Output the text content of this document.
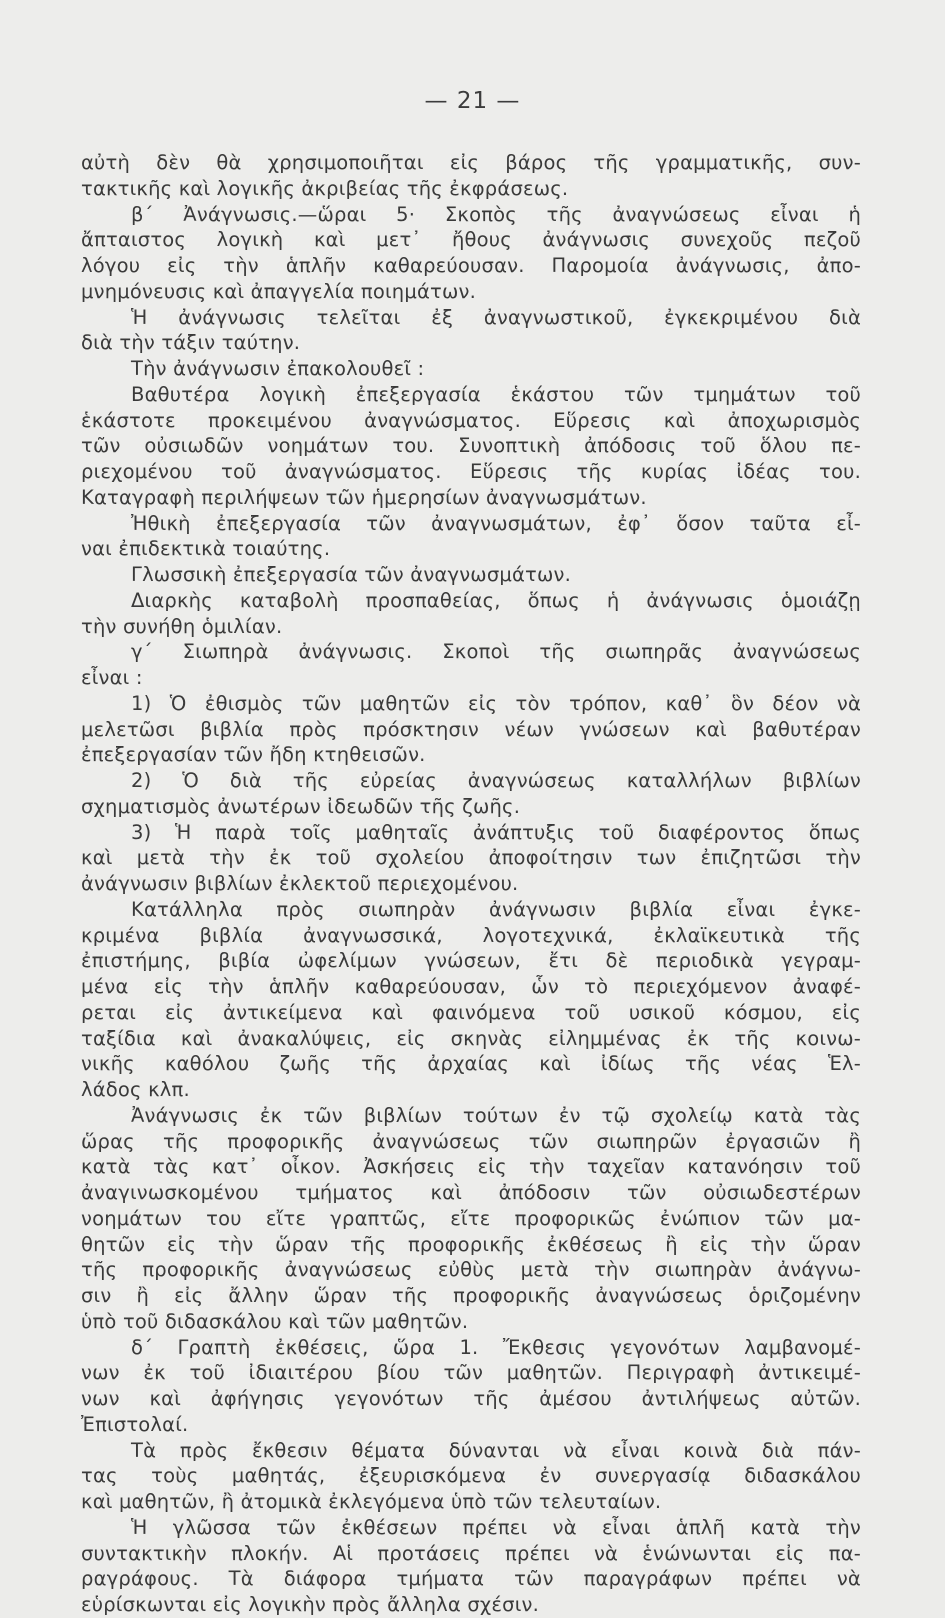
— 21 —
αὐτὴ δὲν θὰ χρησιμοποιῆται εἰς βάρος τῆς γραμματικῆς, συν-
τακτικῆς καὶ λογικῆς ἀκριβείας τῆς ἐκφράσεως.
β΄ Ἀνάγνωσις.—ὥραι 5· Σκοπὸς τῆς ἀναγνώσεως εἶναι ἡ
ἄπταιστος λογικὴ καὶ μετ᾿ ἤθους ἀνάγνωσις συνεχοῦς πεζοῦ
λόγου εἰς τὴν ἁπλῆν καθαρεύουσαν. Παρομοία ἀνάγνωσις, ἀπο-
μνημόνευσις καὶ ἀπαγγελία ποιημάτων.
Ἡ ἀνάγνωσις τελεῖται ἐξ ἀναγνωστικοῦ, ἐγκεκριμένου διὰ
διὰ τὴν τάξιν ταύτην.
Τὴν ἀνάγνωσιν ἐπακολουθεῖ :
Βαθυτέρα λογικὴ ἐπεξεργασία ἑκάστου τῶν τμημάτων τοῦ
ἑκάστοτε προκειμένου ἀναγνώσματος. Εὕρεσις καὶ ἀποχωρισμὸς
τῶν οὐσιωδῶν νοημάτων του. Συνοπτικὴ ἀπόδοσις τοῦ ὅλου πε-
ριεχομένου τοῦ ἀναγνώσματος. Εὕρεσις τῆς κυρίας ἰδέας του.
Καταγραφὴ περιλήψεων τῶν ἡμερησίων ἀναγνωσμάτων.
Ἠθικὴ ἐπεξεργασία τῶν ἀναγνωσμάτων, ἐφ᾿ ὅσον ταῦτα εἶ-
ναι ἐπιδεκτικὰ τοιαύτης.
Γλωσσικὴ ἐπεξεργασία τῶν ἀναγνωσμάτων.
Διαρκὴς καταβολὴ προσπαθείας, ὅπως ἡ ἀνάγνωσις ὁμοιάζῃ
τὴν συνήθη ὁμιλίαν.
γ΄ Σιωπηρὰ ἀνάγνωσις. Σκοποὶ τῆς σιωπηρᾶς ἀναγνώσεως
εἶναι :
1) Ὁ ἐθισμὸς τῶν μαθητῶν εἰς τὸν τρόπον, καθ᾿ ὃν δέον νὰ
μελετῶσι βιβλία πρὸς πρόσκτησιν νέων γνώσεων καὶ βαθυτέραν
ἐπεξεργασίαν τῶν ἤδη κτηθεισῶν.
2) Ὁ διὰ τῆς εὐρείας ἀναγνώσεως καταλλήλων βιβλίων
σχηματισμὸς ἀνωτέρων ἰδεωδῶν τῆς ζωῆς.
3) Ἡ παρὰ τοῖς μαθηταῖς ἀνάπτυξις τοῦ διαφέροντος ὅπως
καὶ μετὰ τὴν ἐκ τοῦ σχολείου ἀποφοίτησιν των ἐπιζητῶσι τὴν
ἀνάγνωσιν βιβλίων ἐκλεκτοῦ περιεχομένου.
Κατάλληλα πρὸς σιωπηρὰν ἀνάγνωσιν βιβλία εἶναι ἐγκε-
κριμένα βιβλία ἀναγνωσσικά, λογοτεχνικά, ἐκλαϊκευτικὰ τῆς
ἐπιστήμης, βιβία ὠφελίμων γνώσεων, ἔτι δὲ περιοδικὰ γεγραμ-
μένα εἰς τὴν ἁπλῆν καθαρεύουσαν, ὧν τὸ περιεχόμενον ἀναφέ-
ρεται εἰς ἀντικείμενα καὶ φαινόμενα τοῦ υσικοῦ κόσμου, εἰς
ταξίδια καὶ ἀνακαλύψεις, εἰς σκηνὰς εἰλημμένας ἐκ τῆς κοινω-
νικῆς καθόλου ζωῆς τῆς ἀρχαίας καὶ ἰδίως τῆς νέας Ἑλ-
λάδος κλπ.
Ἀνάγνωσις ἐκ τῶν βιβλίων τούτων ἐν τῷ σχολείῳ κατὰ τὰς
ὥρας τῆς προφορικῆς ἀναγνώσεως τῶν σιωπηρῶν ἐργασιῶν ἢ
κατὰ τὰς κατ᾿ οἶκον. Ἀσκήσεις εἰς τὴν ταχεῖαν κατανόησιν τοῦ
ἀναγινωσκομένου τμήματος καὶ ἀπόδοσιν τῶν οὐσιωδεστέρων
νοημάτων του εἴτε γραπτῶς, εἴτε προφορικῶς ἐνώπιον τῶν μα-
θητῶν εἰς τὴν ὥραν τῆς προφορικῆς ἐκθέσεως ἢ εἰς τὴν ὥραν
τῆς προφορικῆς ἀναγνώσεως εὐθὺς μετὰ τὴν σιωπηρὰν ἀνάγνω-
σιν ἢ εἰς ἄλλην ὥραν τῆς προφορικῆς ἀναγνώσεως ὁριζομένην
ὑπὸ τοῦ διδασκάλου καὶ τῶν μαθητῶν.
δ΄ Γραπτὴ ἐκθέσεις, ὥρα 1. Ἔκθεσις γεγονότων λαμβανομέ-
νων ἐκ τοῦ ἰδιαιτέρου βίου τῶν μαθητῶν. Περιγραφὴ ἀντικειμέ-
νων καὶ ἀφήγησις γεγονότων τῆς ἀμέσου ἀντιλήψεως αὐτῶν.
Ἐπιστολαί.
Τὰ πρὸς ἔκθεσιν θέματα δύνανται νὰ εἶναι κοινὰ διὰ πάν-
τας τοὺς μαθητάς, ἐξευρισκόμενα ἐν συνεργασίᾳ διδασκάλου
καὶ μαθητῶν, ἢ ἀτομικὰ ἐκλεγόμενα ὑπὸ τῶν τελευταίων.
Ἡ γλῶσσα τῶν ἐκθέσεων πρέπει νὰ εἶναι ἁπλῆ κατὰ τὴν
συντακτικὴν πλοκήν. Αἱ προτάσεις πρέπει νὰ ἑνώνωνται εἰς πα-
ραγράφους. Τὰ διάφορα τμήματα τῶν παραγράφων πρέπει νὰ
εὑρίσκωνται εἰς λογικὴν πρὸς ἄλληλα σχέσιν.
